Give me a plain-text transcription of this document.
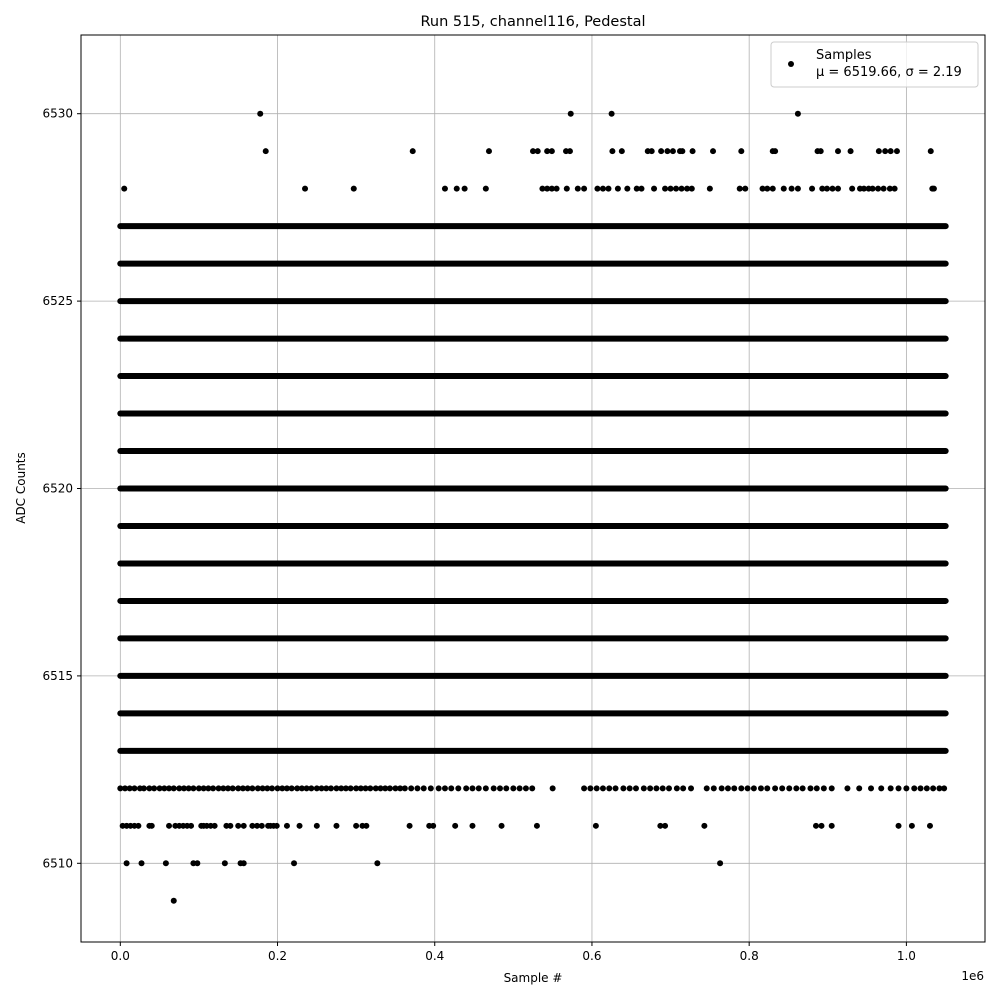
0.0	0.2	0.4	0.6	0.8	1.0
6510
6515
6520
6525
6530
Run 515, channel116, Pedestal
Sample #
ADC Counts
1e6
Samples
μ = 6519.66, σ = 2.19
